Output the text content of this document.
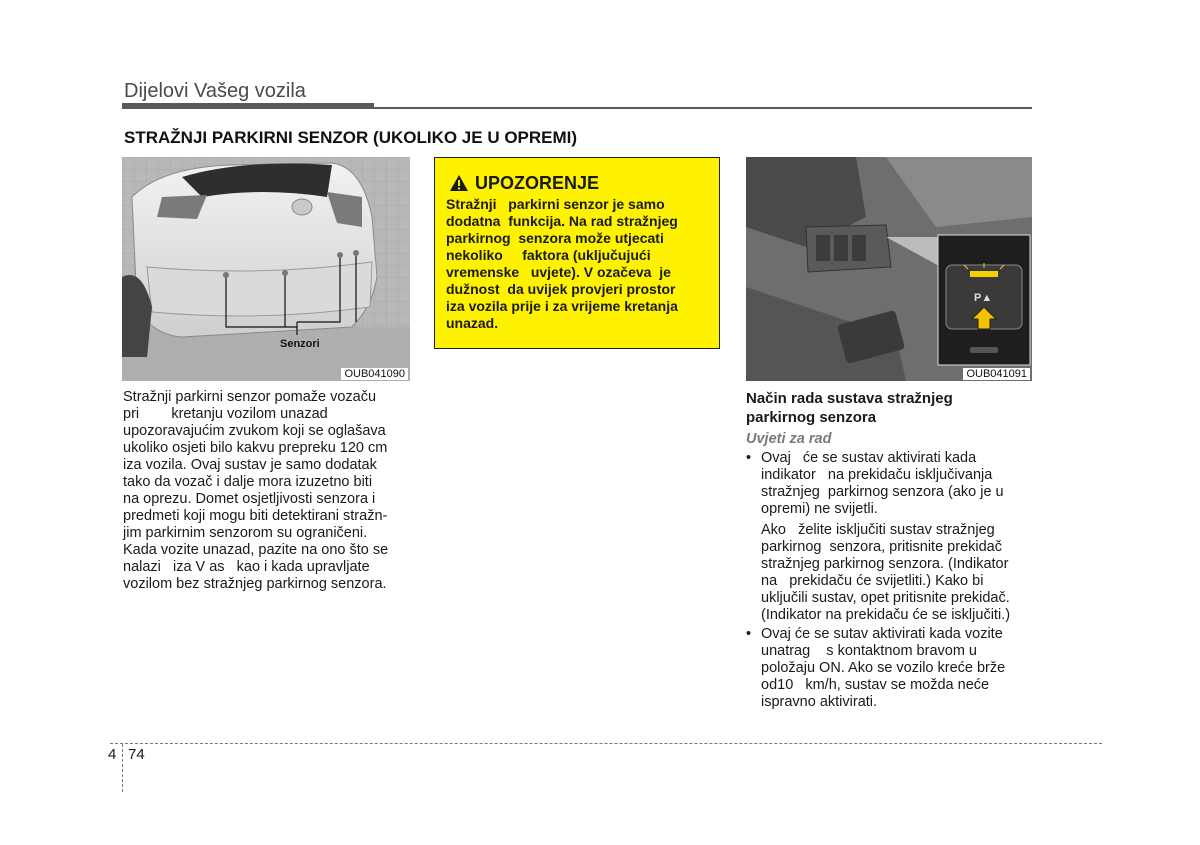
Dijelovi Vašeg vozila
STRAŽNJI PARKIRNI SENZOR (UKOLIKO JE U OPREMI)
Senzori
OUB041090
Stražnji parkirni senzor pomaže vozaču
pri        kretanju vozilom unazad
upozoravajućim zvukom koji se oglašava
ukoliko osjeti bilo kakvu prepreku 120 cm
iza vozila. Ovaj sustav je samo dodatak
tako da vozač i dalje mora izuzetno biti
na oprezu. Domet osjetljivosti senzora i
predmeti koji mogu biti detektirani stražn-
jim parkirnim senzorom su ograničeni.
Kada vozite unazad, pazite na ono što se
nalazi   iza V as   kao i kada upravljate
vozilom bez stražnjeg parkirnog senzora.
UPOZORENJE
Stražnji   parkirni senzor je samo
dodatna  funkcija. Na rad stražnjeg
parkirnog  senzora može utjecati
nekoliko     faktora (uključujući
vremenske   uvjete). V ozačeva  je
dužnost  da uvijek provjeri prostor
iza vozila prije i za vrijeme kretanja
unazad.
P▲
OUB041091
Način rada sustava stražnjeg
parkirnog senzora
Uvjeti za rad
• Ovaj   će se sustav aktivirati kada
indikator   na prekidaču isključivanja
stražnjeg  parkirnog senzora (ako je u
opremi) ne svijetli.
Ako   želite isključiti sustav stražnjeg
parkirnog  senzora, pritisnite prekidač
stražnjeg parkirnog senzora. (Indikator
na   prekidaču će svijetliti.) Kako bi
uključili sustav, opet pritisnite prekidač.
(Indikator na prekidaču će se isključiti.)
• Ovaj će se sutav aktivirati kada vozite
unatrag    s kontaktnom bravom u
položaju ON. Ako se vozilo kreće brže
od10   km/h, sustav se možda neće
ispravno aktivirati.
4 74
